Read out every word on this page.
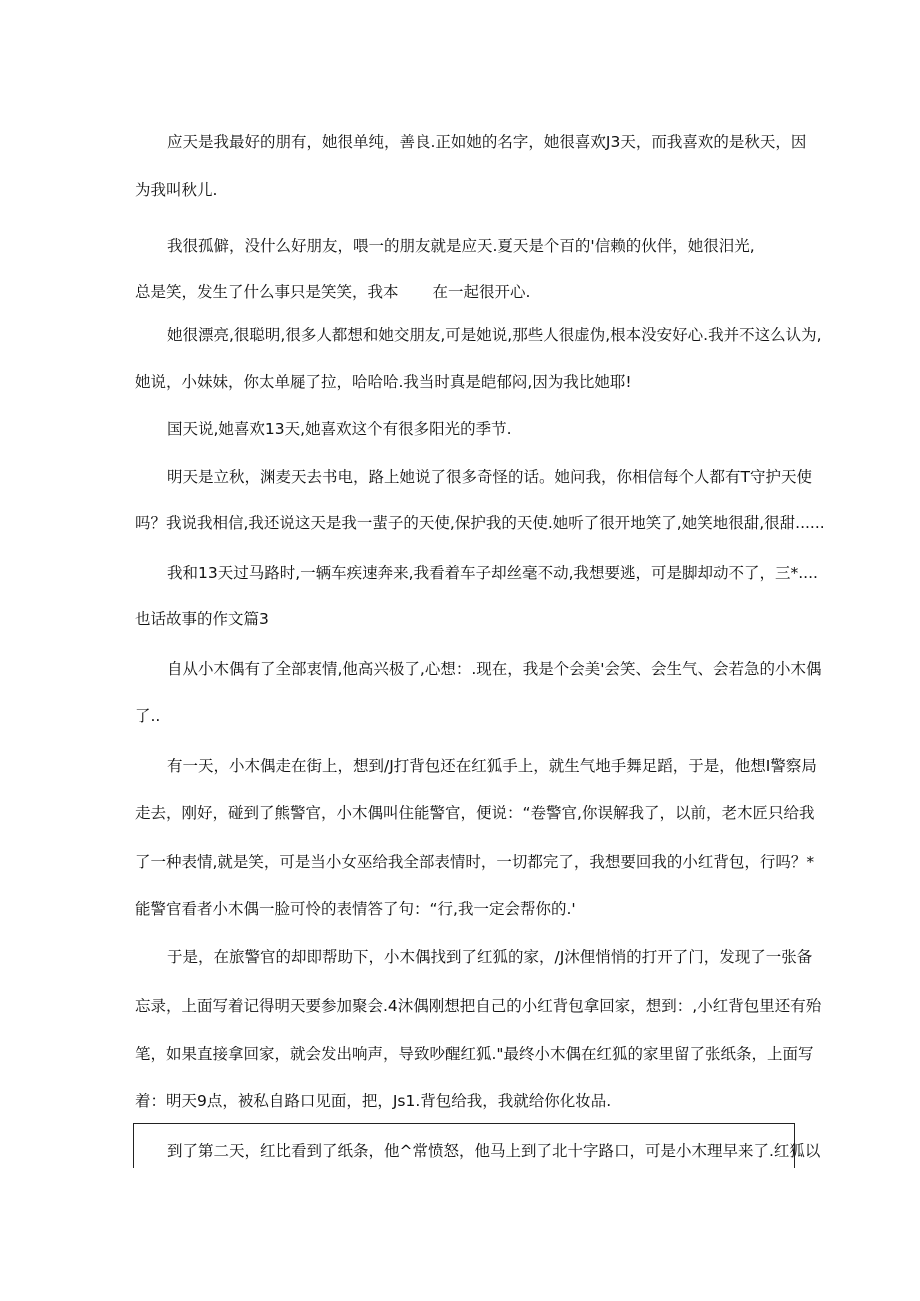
应天是我最好的朋有，她很单纯，善良.正如她的名字，她很喜欢J3天，而我喜欢的是秋天，因
为我叫秋儿.
我很孤僻，没什么好朋友，喂一的朋友就是应天.夏天是个百的'信赖的伙伴，她很汨光,
总是笑，发生了什么事只是笑笑，我本 在一起很开心.
她很漂亮,很聪明,很多人都想和她交朋友,可是她说,那些人很虚伪,根本没安好心.我并不这么认为,
她说，小妹妹，你太单屣了拉，哈哈哈.我当时真是皑郁闷,因为我比她耶!
国天说,她喜欢13天,她喜欢这个有很多阳光的季节.
明天是立秋，渊麦天去书电，路上她说了很多奇怪的话。她问我，你相信每个人都有T守护天使
吗？我说我相信,我还说这天是我一蜚子的天使,保护我的天使.她听了很开地笑了,她笑地很甜,很甜......
我和13天过马路时,一辆车疾速奔来,我看着车子却丝毫不动,我想要逃，可是脚却动不了，三*....
也话故事的作文篇3
自从小木偶有了全部衷情,他高兴极了,心想：.现在，我是个会美'会笑、会生气、会若急的小木偶
了..
有一天，小木偶走在街上，想到/J打背包还在红狐手上，就生气地手舞足蹈，于是，他想I警察局
走去，刚好，碰到了熊警官，小木偶叫住能警官，便说：“卷警官,你误解我了，以前，老木匠只给我
了一种表情,就是笑，可是当小女巫给我全部表情时，一切都完了，我想要回我的小红背包，行吗？*
能警官看者小木偶一脸可怜的表情答了句：“行,我一定会帮你的.'
于是，在旅警官的却即帮助下，小木偶找到了红狐的家，/J沐俚悄悄的打开了门，发现了一张备
忘录，上面写着记得明天要参加聚会.4沐偶刚想把自己的小红背包拿回家，想到：,小红背包里还有殆
笔，如果直接拿回家，就会发出响声，导致吵醒红狐."最终小木偶在红狐的家里留了张纸条，上面写
着：明天9点，被私自路口见面，把，Js1.背包给我，我就给你化妆品.
到了第二天，红比看到了纸条，他^常愤怒，他马上到了北十字路口，可是小木理早来了.红狐以
